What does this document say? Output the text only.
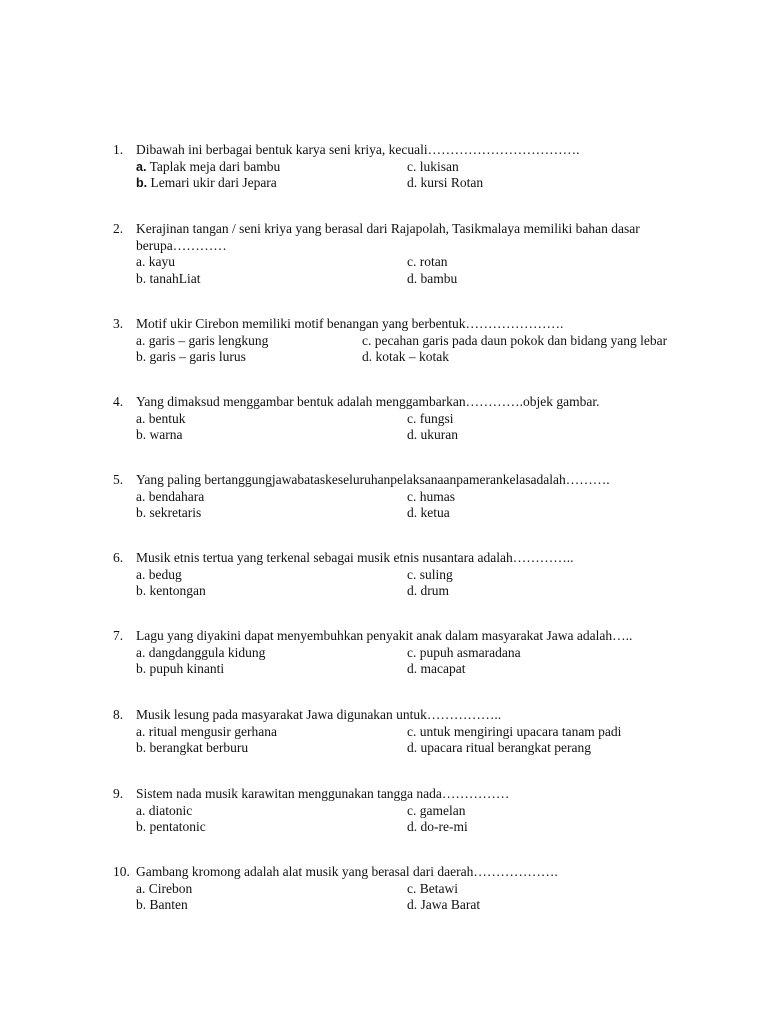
1. Dibawah ini berbagai bentuk karya seni kriya, kecuali…………………………….
a. Taplak meja dari bambu	c. lukisan
b. Lemari ukir dari Jepara	d. kursi Rotan
2. Kerajinan tangan / seni kriya yang berasal dari Rajapolah, Tasikmalaya memiliki bahan dasar berupa…………
a. kayu	c. rotan
b. tanahLiat	d. bambu
3. Motif ukir Cirebon memiliki motif benangan yang berbentuk………………….
a. garis – garis lengkung	c. pecahan garis pada daun pokok dan bidang yang lebar
b. garis – garis lurus	d. kotak – kotak
4. Yang dimaksud menggambar bentuk adalah menggambarkan………….objek gambar.
a. bentuk	c. fungsi
b. warna	d. ukuran
5. Yang paling bertanggungjawabataskeseluruhanpelaksanaanpamerankelasadalah……….
a. bendahara	c. humas
b. sekretaris	d. ketua
6. Musik etnis tertua yang terkenal sebagai musik etnis nusantara adalah…………..
a. bedug	c. suling
b. kentongan	d. drum
7. Lagu yang diyakini dapat menyembuhkan penyakit anak dalam masyarakat Jawa adalah…..
a. dangdanggula kidung	c. pupuh asmaradana
b. pupuh kinanti	d. macapat
8. Musik lesung pada masyarakat Jawa digunakan untuk……………..
a. ritual mengusir gerhana	c. untuk mengiringi upacara tanam padi
b. berangkat berburu	d. upacara ritual berangkat perang
9. Sistem nada musik karawitan menggunakan tangga nada……………
a. diatonic	c. gamelan
b. pentatonic	d. do-re-mi
10. Gambang kromong adalah alat musik yang berasal dari daerah……………….
a. Cirebon	c. Betawi
b. Banten	d. Jawa Barat
